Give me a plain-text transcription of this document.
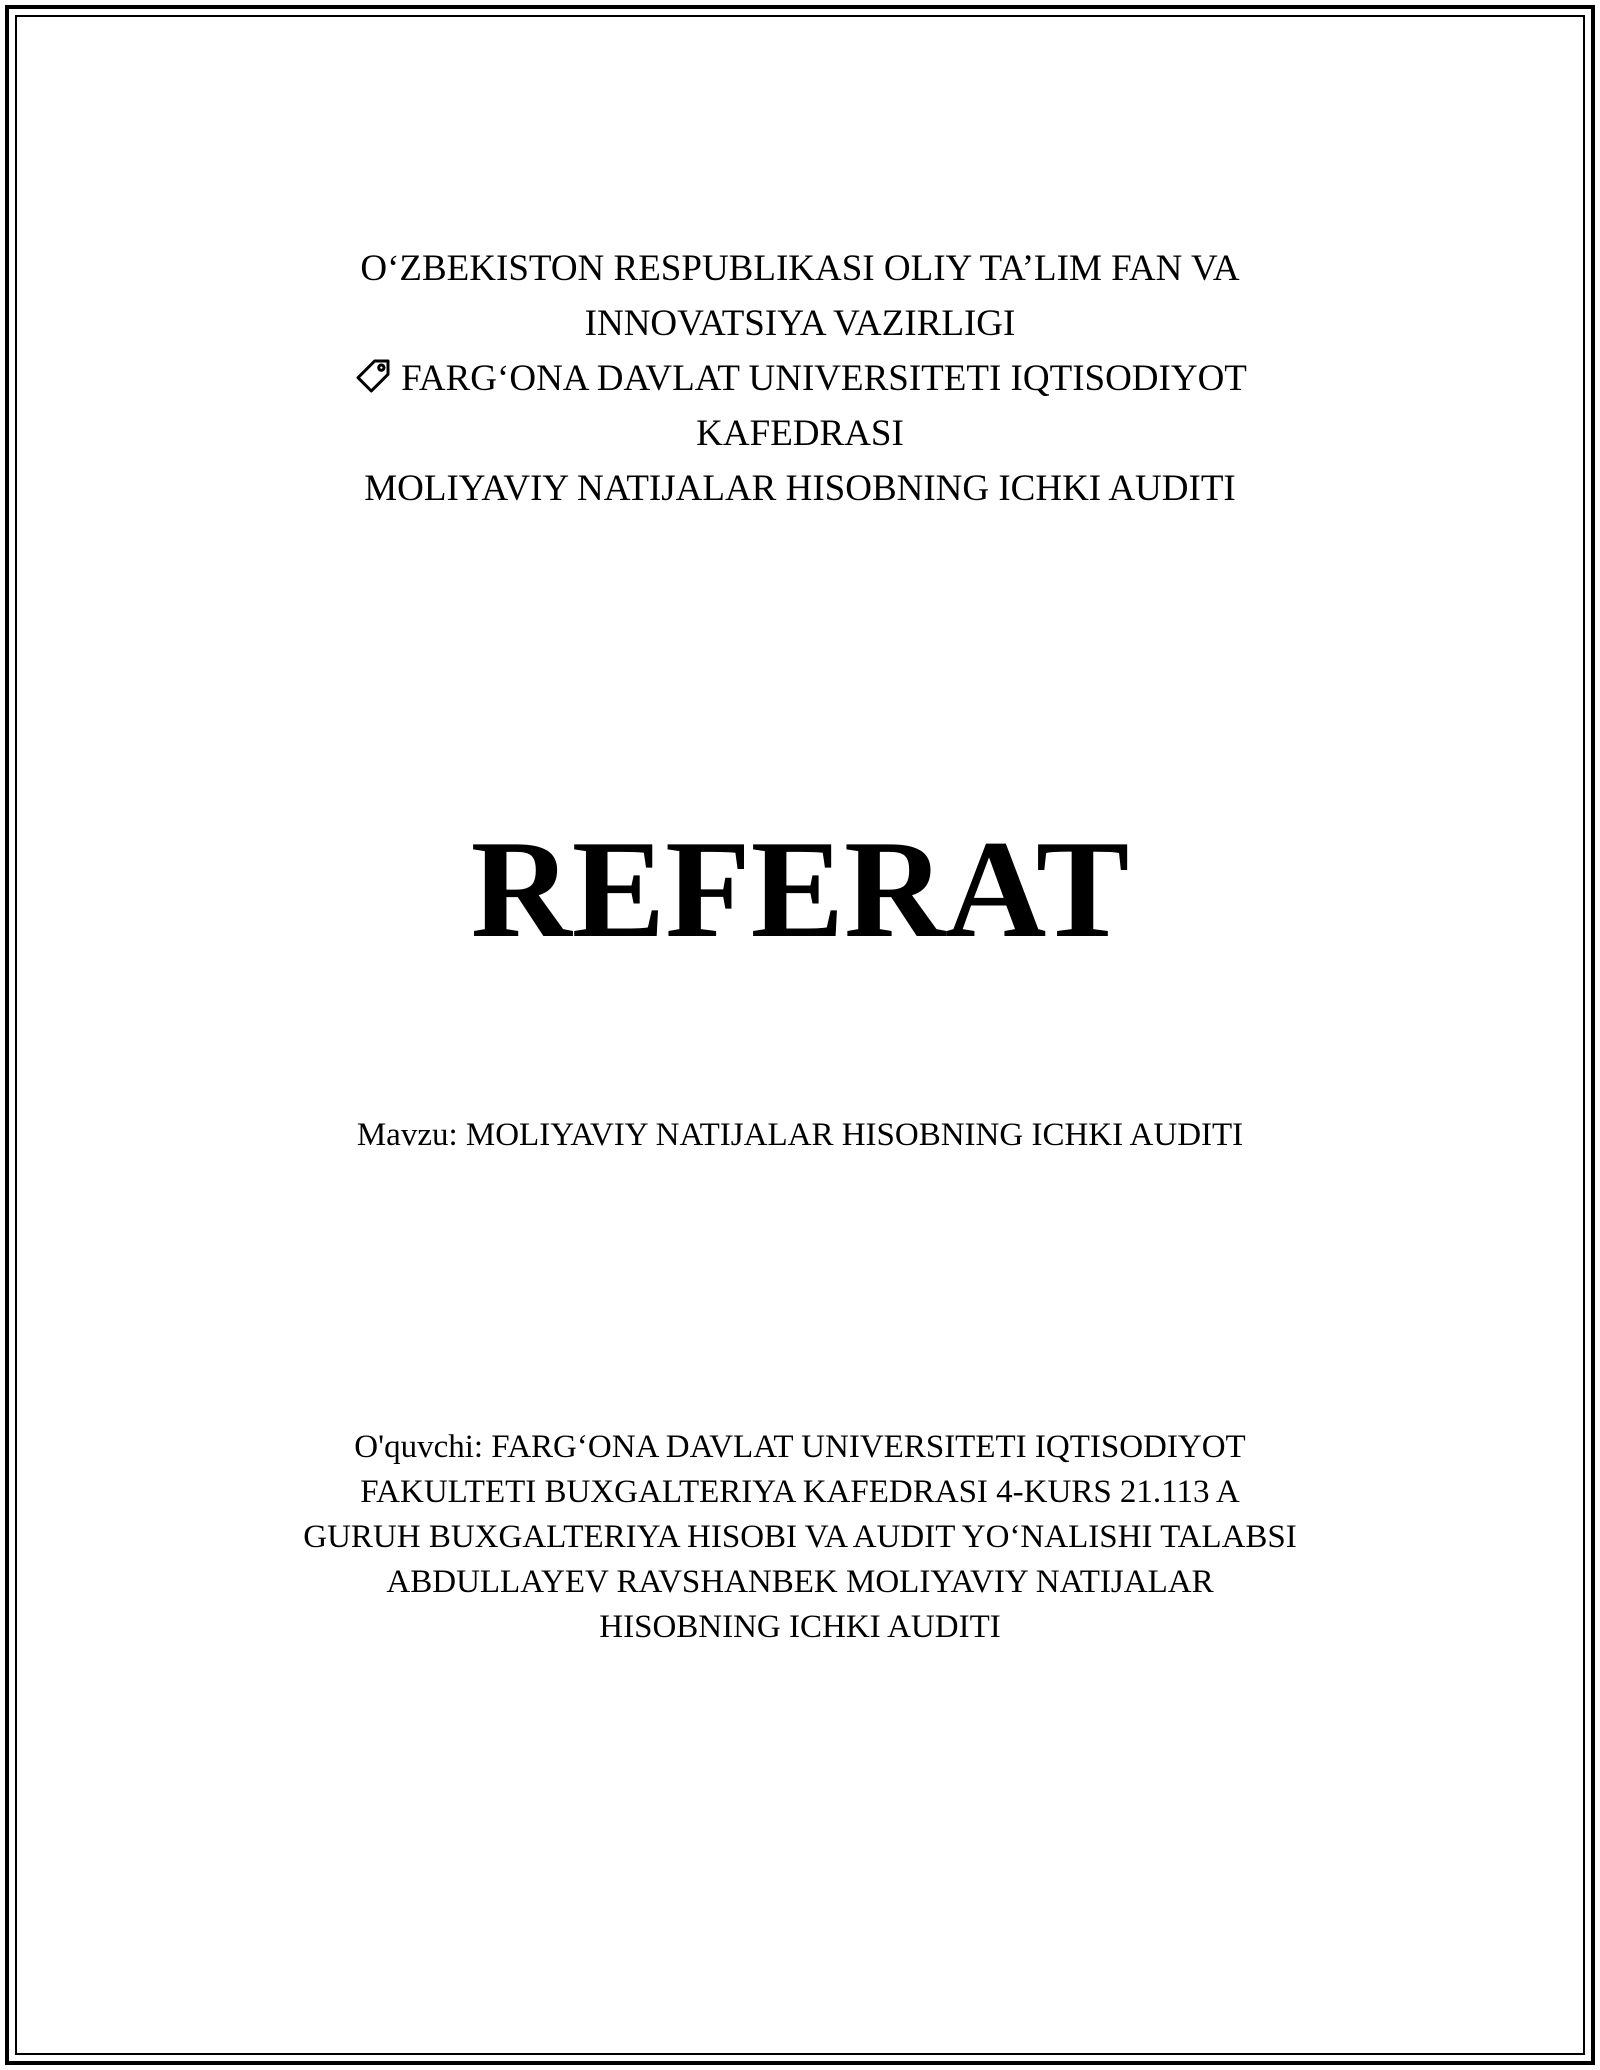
O‘ZBEKISTON RESPUBLIKASI OLIY TA’LIM FAN VA
INNOVATSIYA VAZIRLIGI
FARG‘ONA DAVLAT UNIVERSITETI IQTISODIYOT
KAFEDRASI
MOLIYAVIY NATIJALAR HISOBNING ICHKI AUDITI
REFERAT
Mavzu: MOLIYAVIY NATIJALAR HISOBNING ICHKI AUDITI
O'quvchi: FARG‘ONA DAVLAT UNIVERSITETI IQTISODIYOT
FAKULTETI BUXGALTERIYA KAFEDRASI 4-KURS 21.113 A
GURUH BUXGALTERIYA HISOBI VA AUDIT YO‘NALISHI TALABSI
ABDULLAYEV RAVSHANBEK MOLIYAVIY NATIJALAR
HISOBNING ICHKI AUDITI
